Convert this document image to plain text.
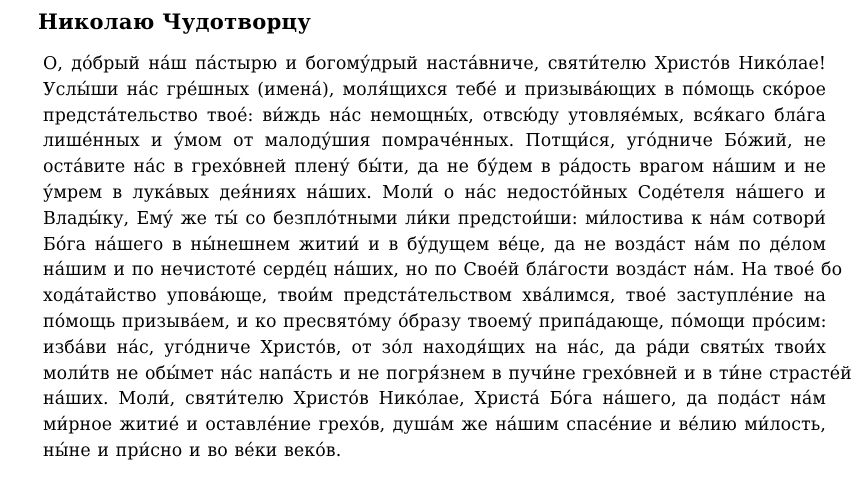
Николаю Чудотворцу
О, до́брый на́ш па́стырю и богому́дрый наста́вниче, святи́телю Христо́в Нико́лае!
Услы́ши на́с гре́шных (имена́), моля́щихся тебе́ и призыва́ющих в по́мощь ско́рое
предста́тельство твое́: ви́ждь на́с немощны́х, отвсю́ду утовляе́мых, вся́каго бла́га
лише́нных и у́мом от малоду́шия помраче́нных. Потщи́ся, уго́дниче Бо́жий, не
оста́вите на́с в грехо́вней плену́ бы́ти, да не бу́дем в ра́дость врагом на́шим и не
у́мрем в лука́вых дея́ниях на́ших. Моли́ о на́с недосто́йных Соде́теля на́шего и
Влады́ку, Ему́ же ты́ со безпло́тными ли́ки предстои́ши: ми́лостива к на́м сотвори́
Бо́га на́шего в ны́нешнем житии́ и в бу́дущем ве́це, да не возда́ст на́м по де́лом
на́шим и по нечистоте́ серде́ц на́ших, но по Свое́й бла́гости возда́ст на́м. На твое́ бо
хода́тайство упова́юще, твои́м предста́тельством хва́лимся, твое́ заступле́ние на
по́мощь призыва́ем, и ко пресвято́му о́бразу твоему́ припа́дающе, по́мощи про́сим:
изба́ви на́с, уго́дниче Христо́в, от зо́л находя́щих на на́с, да ра́ди святы́х твои́х
моли́тв не обы́мет на́с напа́сть и не погря́знем в пучи́не грехо́вней и в ти́не страсте́й
на́ших. Моли́, святи́телю Христо́в Нико́лае, Христа́ Бо́га на́шего, да пода́ст на́м
ми́рное житие́ и оставле́ние грехо́в, душа́м же на́шим спасе́ние и ве́лию ми́лость,
ны́не и при́сно и во ве́ки веко́в.
